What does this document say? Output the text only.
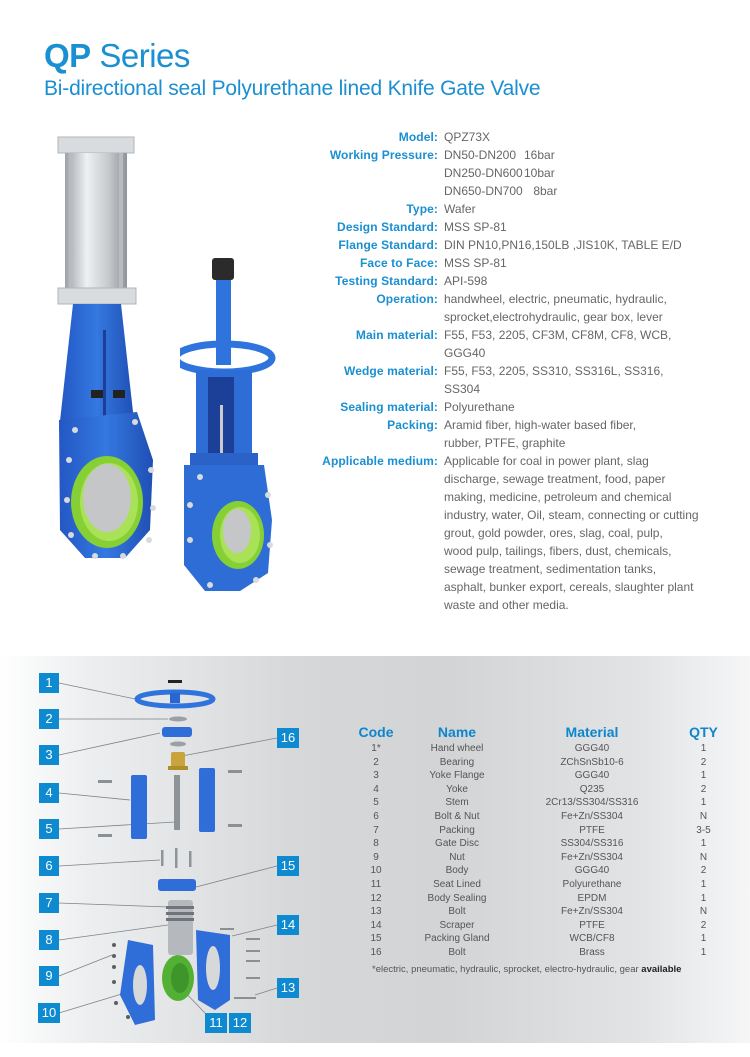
QP Series
Bi-directional seal Polyurethane lined Knife Gate Valve
Model: QPZ73X
Working Pressure: DN50-DN200 16bar
DN250-DN60010bar
DN650-DN700 8bar
Type: Wafer
Design Standard: MSS SP-81
Flange Standard: DIN PN10,PN16,150LB ,JIS10K, TABLE E/D
Face to Face: MSS SP-81
Testing Standard: API-598
Operation: handwheel, electric, pneumatic, hydraulic,
sprocket,electrohydraulic, gear box, lever
Main material: F55, F53, 2205, CF3M, CF8M, CF8, WCB,
GGG40
Wedge material: F55, F53, 2205, SS310, SS316L, SS316,
SS304
Sealing material: Polyurethane
Packing: Aramid fiber, high-water based fiber,
rubber, PTFE, graphite
Applicable medium: Applicable for coal in power plant, slag
discharge, sewage treatment, food, paper
making, medicine, petroleum and chemical
industry, water, Oil, steam, connecting or cutting
grout, gold powder, ores, slag, coal, pulp,
wood pulp, tailings, fibers, dust, chemicals,
sewage treatment, sedimentation tanks,
asphalt, bunker export, cereals, slaughter plant
waste and other media.
1
2
3
4
5
6
7
8
9
10
11 12
13
14
15
16	Code	Name	Material	QTY
1*	Hand wheel	GGG40	1
2	Bearing	ZChSnSb10-6	2
3	Yoke Flange	GGG40	1
4	Yoke	Q235	2
5	Stem	2Cr13/SS304/SS316	1
6	Bolt & Nut	Fe+Zn/SS304	N
7	Packing	PTFE	3-5
8	Gate Disc	SS304/SS316	1
9	Nut	Fe+Zn/SS304	N
10	Body	GGG40	2
11	Seat Lined	Polyurethane	1
12	Body Sealing	EPDM	1
13	Bolt	Fe+Zn/SS304	N
14	Scraper	PTFE	2
15	Packing Gland	WCB/CF8	1
16	Bolt	Brass	1
*electric, pneumatic, hydraulic, sprocket, electro-hydraulic, gear available
